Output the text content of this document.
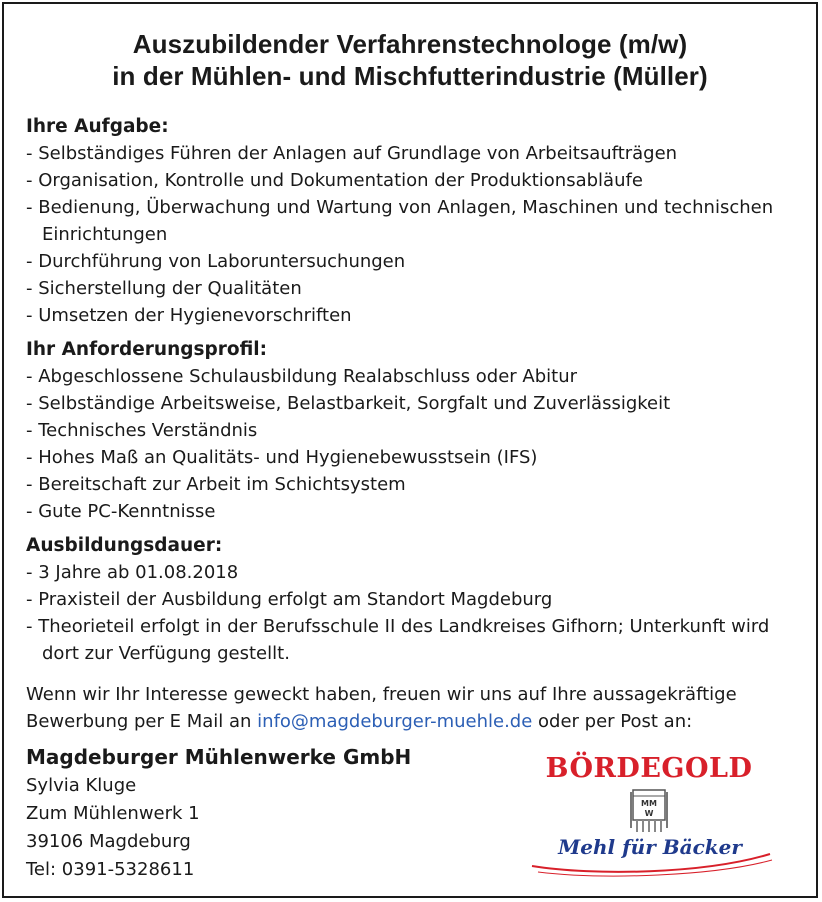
Auszubildender Verfahrenstechnologe (m/w)
in der Mühlen- und Mischfutterindustrie (Müller)

Ihre Aufgabe:

- Selbständiges Führen der Anlagen auf Grundlage von Arbeitsaufträgen
- Organisation, Kontrolle und Dokumentation der Produktionsabläufe
- Bedienung, Überwachung und Wartung von Anlagen, Maschinen und technischen Einrichtungen
- Durchführung von Laboruntersuchungen
- Sicherstellung der Qualitäten
- Umsetzen der Hygienevorschriften

Ihr Anforderungsprofil:

- Abgeschlossene Schulausbildung Realabschluss oder Abitur
- Selbständige Arbeitsweise, Belastbarkeit, Sorgfalt und Zuverlässigkeit
- Technisches Verständnis
- Hohes Maß an Qualitäts- und Hygienebewusstsein (IFS)
- Bereitschaft zur Arbeit im Schichtsystem
- Gute PC-Kenntnisse

Ausbildungsdauer:

- 3 Jahre ab 01.08.2018
- Praxisteil der Ausbildung erfolgt am Standort Magdeburg
- Theorieteil erfolgt in der Berufsschule II des Landkreises Gifhorn; Unterkunft wird dort zur Verfügung gestellt.

Wenn wir Ihr Interesse geweckt haben, freuen wir uns auf Ihre aussagekräftige Bewerbung per E Mail an info@magdeburger-muehle.de oder per Post an:

Magdeburger Mühlenwerke GmbH
Sylvia Kluge
Zum Mühlenwerk 1
39106 Magdeburg
Tel: 0391-5328611
BÖRDEGOLD
MM
W
Mehl für Bäcker
